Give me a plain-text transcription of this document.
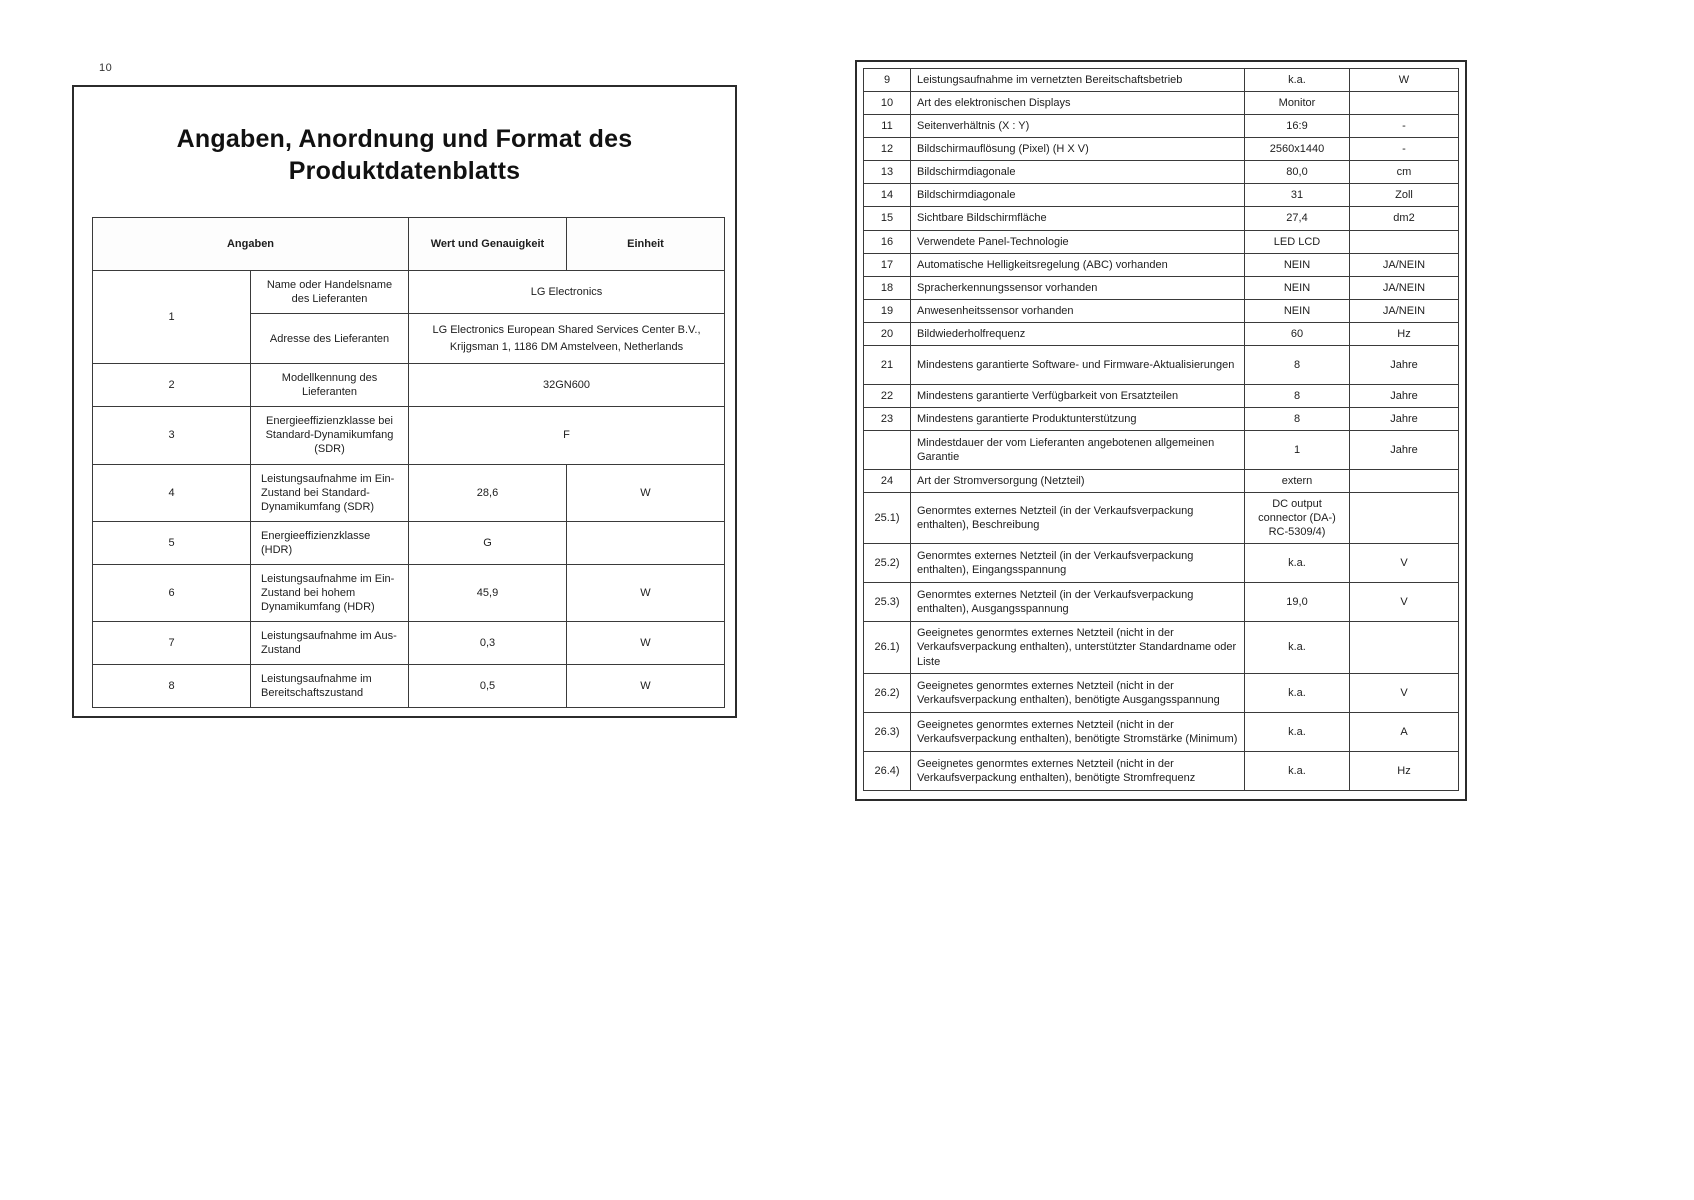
10
Angaben, Anordnung und Format des Produktdatenblatts
Angaben		Wert und Genauigkeit	Einheit
1	Name oder Handelsname des Lieferanten	LG Electronics	
	Adresse des Lieferanten	LG Electronics European Shared Services Center B.V., Krijgsman 1, 1186 DM Amstelveen, Netherlands	
2	Modellkennung des Lieferanten	32GN600	
3	Energieeffizienzklasse bei Standard-Dynamikumfang (SDR)	F	
4	Leistungsaufnahme im Ein-Zustand bei Standard-Dynamikumfang (SDR)	28,6	W
5	Energieeffizienzklasse (HDR)	G	
6	Leistungsaufnahme im Ein-Zustand bei hohem Dynamikumfang (HDR)	45,9	W
7	Leistungsaufnahme im Aus-Zustand	0,3	W
8	Leistungsaufnahme im Bereitschaftszustand	0,5	W
9	Leistungsaufnahme im vernetzten Bereitschaftsbetrieb	k.a.	W
10	Art des elektronischen Displays	Monitor	
11	Seitenverhältnis (X : Y)	16:9	-
12	Bildschirmauflösung (Pixel) (H X V)	2560x1440	-
13	Bildschirmdiagonale	80,0	cm
14	Bildschirmdiagonale	31	Zoll
15	Sichtbare Bildschirmfläche	27,4	dm2
16	Verwendete Panel-Technologie	LED LCD	
17	Automatische Helligkeitsregelung (ABC) vorhanden	NEIN	JA/NEIN
18	Spracherkennungssensor vorhanden	NEIN	JA/NEIN
19	Anwesenheitssensor vorhanden	NEIN	JA/NEIN
20	Bildwiederholfrequenz	60	Hz
21	Mindestens garantierte Software- und Firmware-Aktualisierungen	8	Jahre
22	Mindestens garantierte Verfügbarkeit von Ersatzteilen	8	Jahre
23	Mindestens garantierte Produktunterstützung	8	Jahre
	Mindestdauer der vom Lieferanten angebotenen allgemeinen Garantie	1	Jahre
24	Art der Stromversorgung (Netzteil)	extern	
25.1)	Genormtes externes Netzteil (in der Verkaufsverpackung enthalten), Beschreibung	DC output connector (DA-) RC-5309/4)	
25.2)	Genormtes externes Netzteil (in der Verkaufsverpackung enthalten), Eingangsspannung	k.a.	V
25.3)	Genormtes externes Netzteil (in der Verkaufsverpackung enthalten), Ausgangsspannung	19,0	V
26.1)	Geeignetes genormtes externes Netzteil (nicht in der Verkaufsverpackung enthalten), unterstützter Standardname oder Liste	k.a.	
26.2)	Geeignetes genormtes externes Netzteil (nicht in der Verkaufsverpackung enthalten), benötigte Ausgangsspannung	k.a.	V
26.3)	Geeignetes genormtes externes Netzteil (nicht in der Verkaufsverpackung enthalten), benötigte Stromstärke (Minimum)	k.a.	A
26.4)	Geeignetes genormtes externes Netzteil (nicht in der Verkaufsverpackung enthalten), benötigte Stromfrequenz	k.a.	Hz
